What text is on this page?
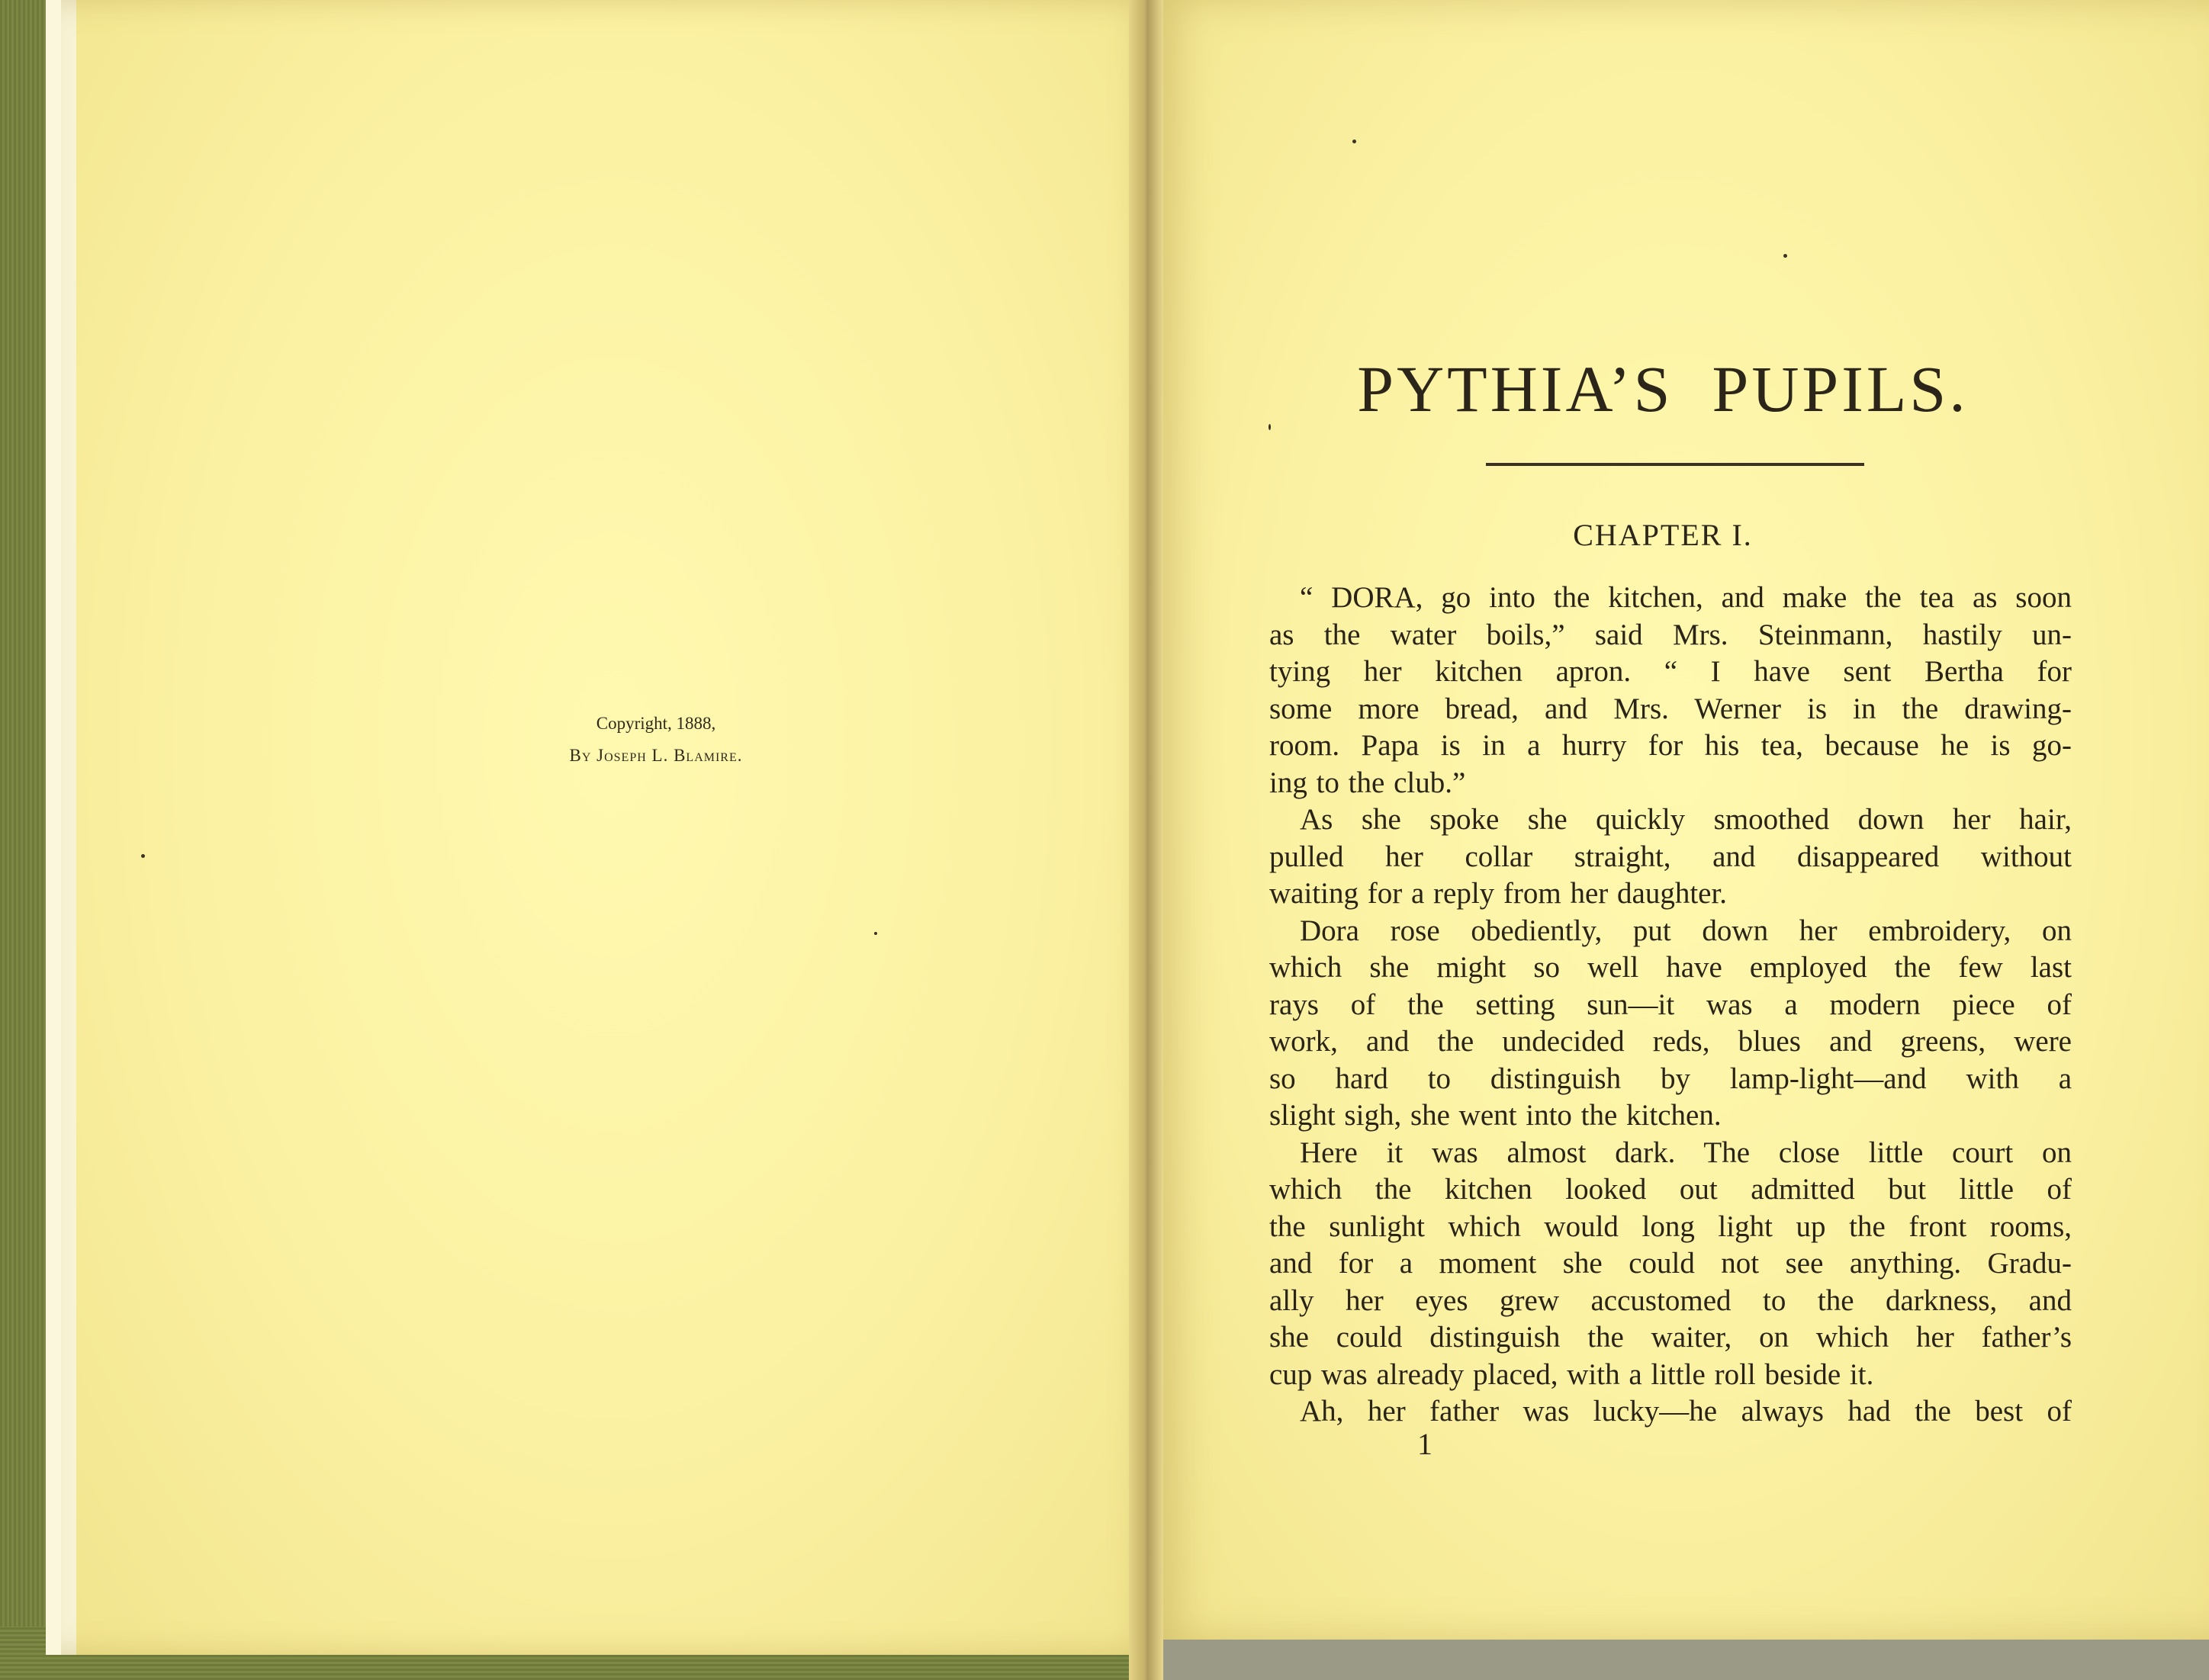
Copyright, 1888,
By Joseph L. Blamire.
PYTHIA’S  PUPILS.
CHAPTER I.
“ DORA, go into the kitchen, and make the tea as soon
as the water boils,” said Mrs. Steinmann, hastily un-
tying her kitchen apron. “ I have sent Bertha for
some more bread, and Mrs. Werner is in the drawing-
room. Papa is in a hurry for his tea, because he is go-
ing to the club.”
As she spoke she quickly smoothed down her hair,
pulled her collar straight, and disappeared without
waiting for a reply from her daughter.
Dora rose obediently, put down her embroidery, on
which she might so well have employed the few last
rays of the setting sun—it was a modern piece of
work, and the undecided reds, blues and greens, were
so hard to distinguish by lamp-light—and with a
slight sigh, she went into the kitchen.
Here it was almost dark. The close little court on
which the kitchen looked out admitted but little of
the sunlight which would long light up the front rooms,
and for a moment she could not see anything. Gradu-
ally her eyes grew accustomed to the darkness, and
she could distinguish the waiter, on which her father’s
cup was already placed, with a little roll beside it.
Ah, her father was lucky—he always had the best of
1
